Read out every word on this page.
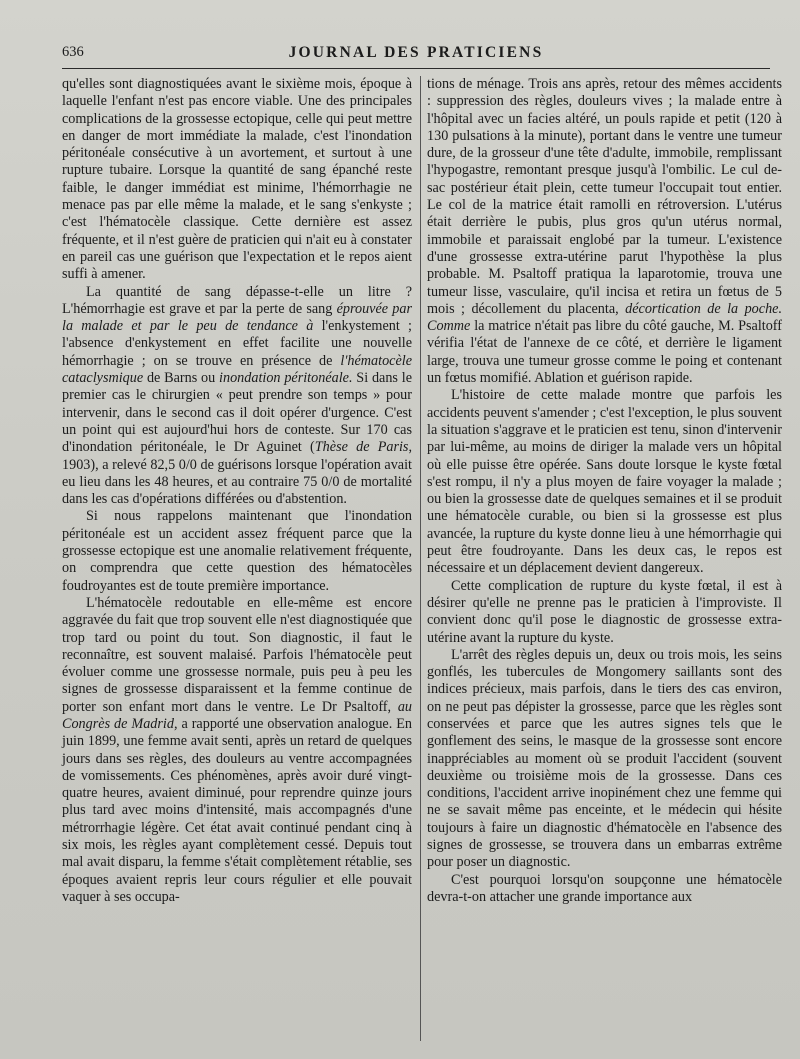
636	JOURNAL DES PRATICIENS

qu'elles sont diagnostiquées avant le sixième mois, époque à laquelle l'enfant n'est pas encore viable. Une des principales complications de la grossesse ectopique, celle qui peut mettre en danger de mort immédiate la malade, c'est l'inondation péritonéale consécutive à un avortement, et surtout à une rupture tubaire. Lorsque la quantité de sang épanché reste faible, le danger immédiat est minime, l'hémorrhagie ne menace pas par elle même la malade, et le sang s'enkyste ; c'est l'hématocèle classique. Cette dernière est assez fréquente, et il n'est guère de praticien qui n'ait eu à constater en pareil cas une guérison que l'expectation et le repos aient suffi à amener.

La quantité de sang dépasse-t-elle un litre ? L'hémorrhagie est grave et par la perte de sang éprouvée par la malade et par le peu de tendance à l'enkystement ; l'absence d'enkystement en effet facilite une nouvelle hémorrhagie ; on se trouve en présence de l'hématocèle cataclysmique de Barns ou inondation péritonéale. Si dans le premier cas le chirurgien « peut prendre son temps » pour intervenir, dans le second cas il doit opérer d'urgence. C'est un point qui est aujourd'hui hors de conteste. Sur 170 cas d'inondation péritonéale, le Dr Aguinet (Thèse de Paris, 1903), a relevé 82,5 0/0 de guérisons lorsque l'opération avait eu lieu dans les 48 heures, et au contraire 75 0/0 de mortalité dans les cas d'opérations différées ou d'abstention.

Si nous rappelons maintenant que l'inondation péritonéale est un accident assez fréquent parce que la grossesse ectopique est une anomalie relativement fréquente, on comprendra que cette question des hématocèles foudroyantes est de toute première importance.

L'hématocèle redoutable en elle-même est encore aggravée du fait que trop souvent elle n'est diagnostiquée que trop tard ou point du tout. Son diagnostic, il faut le reconnaître, est souvent malaisé. Parfois l'hématocèle peut évoluer comme une grossesse normale, puis peu à peu les signes de grossesse disparaissent et la femme continue de porter son enfant mort dans le ventre. Le Dr Psaltoff, au Congrès de Madrid, a rapporté une observation analogue. En juin 1899, une femme avait senti, après un retard de quelques jours dans ses règles, des douleurs au ventre accompagnées de vomissements. Ces phénomènes, après avoir duré vingt-quatre heures, avaient diminué, pour reprendre quinze jours plus tard avec moins d'intensité, mais accompagnés d'une métrorrhagie légère. Cet état avait continué pendant cinq à six mois, les règles ayant complètement cessé. Depuis tout mal avait disparu, la femme s'était complètement rétablie, ses époques avaient repris leur cours régulier et elle pouvait vaquer à ses occupa-

tions de ménage. Trois ans après, retour des mêmes accidents : suppression des règles, douleurs vives ; la malade entre à l'hôpital avec un facies altéré, un pouls rapide et petit (120 à 130 pulsations à la minute), portant dans le ventre une tumeur dure, de la grosseur d'une tête d'adulte, immobile, remplissant l'hypogastre, remontant presque jusqu'à l'ombilic. Le cul de-sac postérieur était plein, cette tumeur l'occupait tout entier. Le col de la matrice était ramolli en rétroversion. L'utérus était derrière le pubis, plus gros qu'un utérus normal, immobile et paraissait englobé par la tumeur. L'existence d'une grossesse extra-utérine parut l'hypothèse la plus probable. M. Psaltoff pratiqua la laparotomie, trouva une tumeur lisse, vasculaire, qu'il incisa et retira un fœtus de 5 mois ; décollement du placenta, décortication de la poche. Comme la matrice n'était pas libre du côté gauche, M. Psaltoff vérifia l'état de l'annexe de ce côté, et derrière le ligament large, trouva une tumeur grosse comme le poing et contenant un fœtus momifié. Ablation et guérison rapide.

L'histoire de cette malade montre que parfois les accidents peuvent s'amender ; c'est l'exception, le plus souvent la situation s'aggrave et le praticien est tenu, sinon d'intervenir par lui-même, au moins de diriger la malade vers un hôpital où elle puisse être opérée. Sans doute lorsque le kyste fœtal s'est rompu, il n'y a plus moyen de faire voyager la malade ; ou bien la grossesse date de quelques semaines et il se produit une hématocèle curable, ou bien si la grossesse est plus avancée, la rupture du kyste donne lieu à une hémorrhagie qui peut être foudroyante. Dans les deux cas, le repos est nécessaire et un déplacement devient dangereux.

Cette complication de rupture du kyste fœtal, il est à désirer qu'elle ne prenne pas le praticien à l'improviste. Il convient donc qu'il pose le diagnostic de grossesse extra-utérine avant la rupture du kyste.

L'arrêt des règles depuis un, deux ou trois mois, les seins gonflés, les tubercules de Mongomery saillants sont des indices précieux, mais parfois, dans le tiers des cas environ, on ne peut pas dépister la grossesse, parce que les règles sont conservées et parce que les autres signes tels que le gonflement des seins, le masque de la grossesse sont encore inappréciables au moment où se produit l'accident (souvent deuxième ou troisième mois de la grossesse. Dans ces conditions, l'accident arrive inopinément chez une femme qui ne se savait même pas enceinte, et le médecin qui hésite toujours à faire un diagnostic d'hématocèle en l'absence des signes de grossesse, se trouvera dans un embarras extrême pour poser un diagnostic.

C'est pourquoi lorsqu'on soupçonne une hématocèle devra-t-on attacher une grande importance aux
